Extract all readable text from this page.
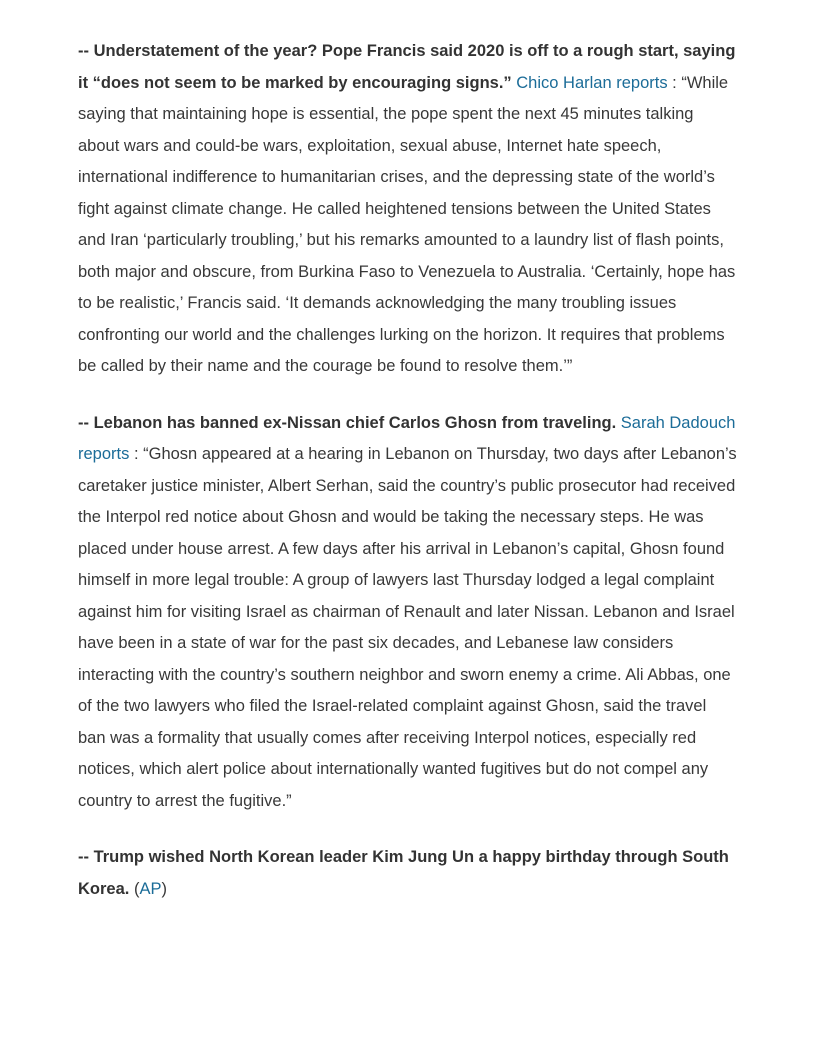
-- Understatement of the year? Pope Francis said 2020 is off to a rough start, saying it “does not seem to be marked by encouraging signs.” Chico Harlan reports : “While saying that maintaining hope is essential, the pope spent the next 45 minutes talking about wars and could-be wars, exploitation, sexual abuse, Internet hate speech, international indifference to humanitarian crises, and the depressing state of the world’s fight against climate change. He called heightened tensions between the United States and Iran ‘particularly troubling,’ but his remarks amounted to a laundry list of flash points, both major and obscure, from Burkina Faso to Venezuela to Australia. ‘Certainly, hope has to be realistic,’ Francis said. ‘It demands acknowledging the many troubling issues confronting our world and the challenges lurking on the horizon. It requires that problems be called by their name and the courage be found to resolve them.’”

-- Lebanon has banned ex-Nissan chief Carlos Ghosn from traveling. Sarah Dadouch reports : “Ghosn appeared at a hearing in Lebanon on Thursday, two days after Lebanon’s caretaker justice minister, Albert Serhan, said the country’s public prosecutor had received the Interpol red notice about Ghosn and would be taking the necessary steps. He was placed under house arrest. A few days after his arrival in Lebanon’s capital, Ghosn found himself in more legal trouble: A group of lawyers last Thursday lodged a legal complaint against him for visiting Israel as chairman of Renault and later Nissan. Lebanon and Israel have been in a state of war for the past six decades, and Lebanese law considers interacting with the country’s southern neighbor and sworn enemy a crime. Ali Abbas, one of the two lawyers who filed the Israel-related complaint against Ghosn, said the travel ban was a formality that usually comes after receiving Interpol notices, especially red notices, which alert police about internationally wanted fugitives but do not compel any country to arrest the fugitive.”

-- Trump wished North Korean leader Kim Jung Un a happy birthday through South Korea. (AP)
